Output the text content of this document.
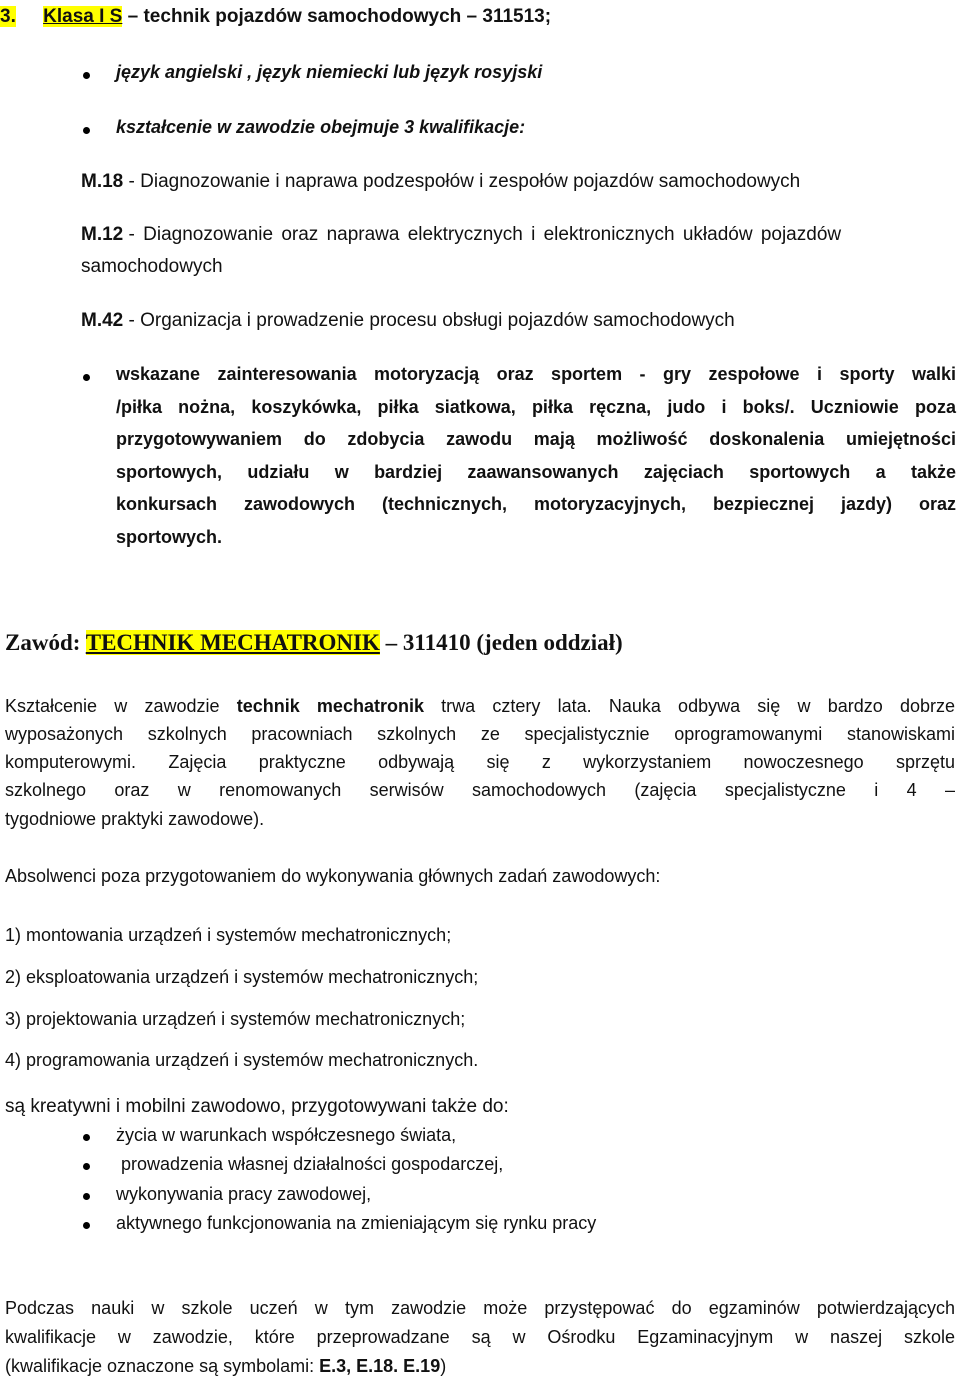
3. Klasa I S – technik pojazdów samochodowych – 311513;
język angielski , język niemiecki lub język rosyjski
kształcenie w zawodzie obejmuje 3 kwalifikacje:
M.18 - Diagnozowanie i naprawa podzespołów i zespołów pojazdów samochodowych
M.12 - Diagnozowanie oraz naprawa elektrycznych i elektronicznych układów pojazdów
samochodowych
M.42 - Organizacja i prowadzenie procesu obsługi pojazdów samochodowych
wskazane zainteresowania motoryzacją oraz sportem - gry zespołowe i sporty walki
/piłka nożna, koszykówka, piłka siatkowa, piłka ręczna, judo i boks/. Uczniowie poza
przygotowywaniem do zdobycia zawodu mają możliwość doskonalenia umiejętności
sportowych, udziału w bardziej zaawansowanych zajęciach sportowych a także
konkursach zawodowych (technicznych, motoryzacyjnych, bezpiecznej jazdy) oraz
sportowych.
Zawód: TECHNIK MECHATRONIK – 311410 (jeden oddział)
Kształcenie w zawodzie technik mechatronik trwa cztery lata. Nauka odbywa się w bardzo dobrze
wyposażonych szkolnych pracowniach szkolnych ze specjalistycznie oprogramowanymi stanowiskami
komputerowymi. Zajęcia praktyczne odbywają się z wykorzystaniem nowoczesnego sprzętu
szkolnego oraz w renomowanych serwisów samochodowych (zajęcia specjalistyczne i 4 –
tygodniowe praktyki zawodowe).
Absolwenci poza przygotowaniem do wykonywania głównych zadań zawodowych:
1) montowania urządzeń i systemów mechatronicznych;
2) eksploatowania urządzeń i systemów mechatronicznych;
3) projektowania urządzeń i systemów mechatronicznych;
4) programowania urządzeń i systemów mechatronicznych.
są kreatywni i mobilni zawodowo, przygotowywani także do:
życia w warunkach współczesnego świata,
prowadzenia własnej działalności gospodarczej,
wykonywania pracy zawodowej,
aktywnego funkcjonowania na zmieniającym się rynku pracy
Podczas nauki w szkole uczeń w tym zawodzie może przystępować do egzaminów potwierdzających
kwalifikacje w zawodzie, które przeprowadzane są w Ośrodku Egzaminacyjnym w naszej szkole
(kwalifikacje oznaczone są symbolami: E.3, E.18. E.19)
